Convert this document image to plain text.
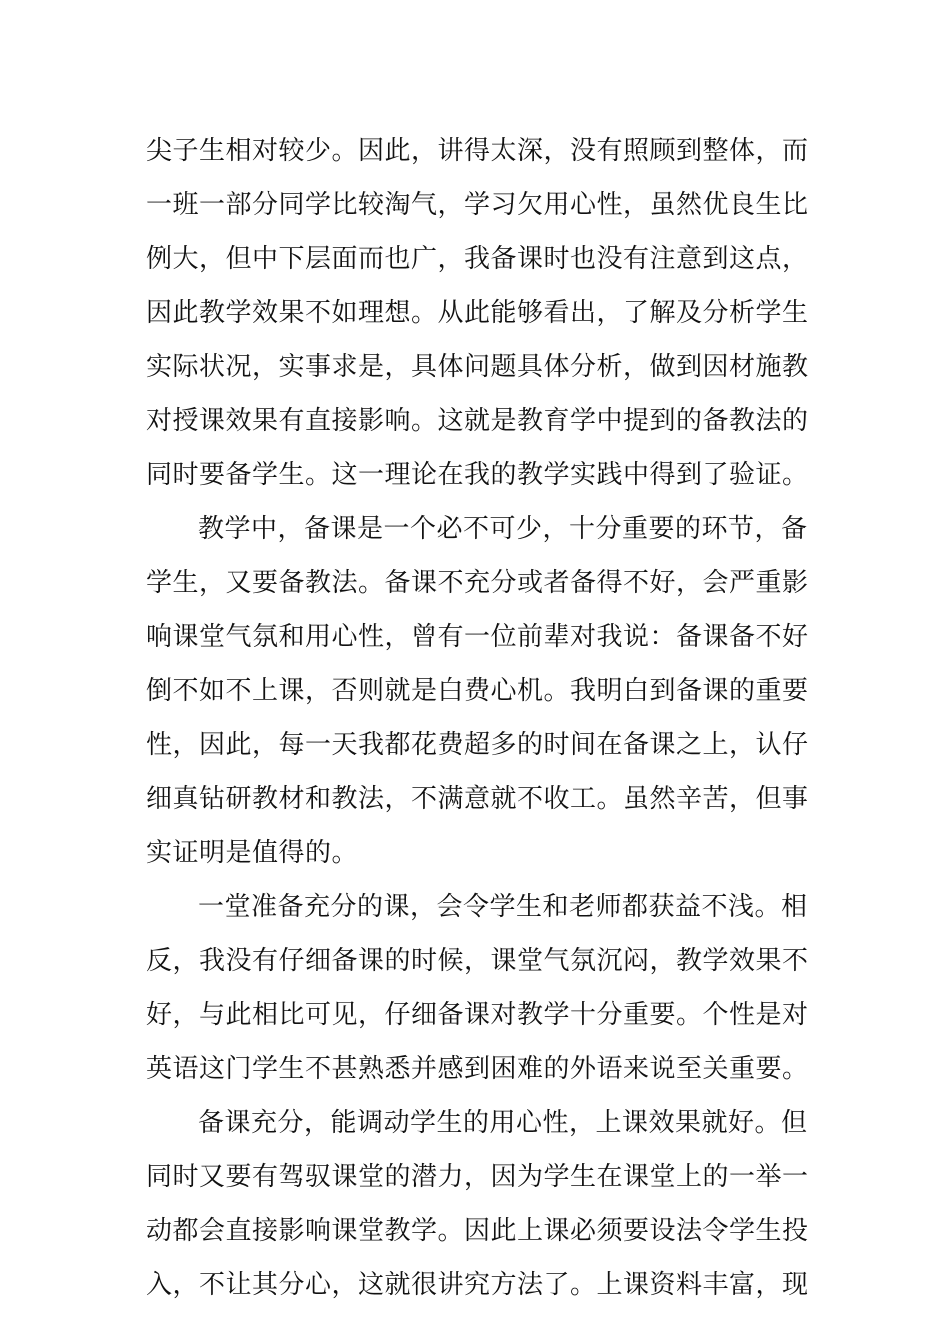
尖子生相对较少。因此，讲得太深，没有照顾到整体，而
一班一部分同学比较淘气，学习欠用心性，虽然优良生比
例大，但中下层面而也广，我备课时也没有注意到这点，
因此教学效果不如理想。从此能够看出，了解及分析学生
实际状况，实事求是，具体问题具体分析，做到因材施教
对授课效果有直接影响。这就是教育学中提到的备教法的
同时要备学生。这一理论在我的教学实践中得到了验证。
教学中，备课是一个必不可少，十分重要的环节，备
学生，又要备教法。备课不充分或者备得不好，会严重影
响课堂气氛和用心性，曾有一位前辈对我说：备课备不好
倒不如不上课，否则就是白费心机。我明白到备课的重要
性，因此，每一天我都花费超多的时间在备课之上，认仔
细真钻研教材和教法，不满意就不收工。虽然辛苦，但事
实证明是值得的。
一堂准备充分的课，会令学生和老师都获益不浅。相
反，我没有仔细备课的时候，课堂气氛沉闷，教学效果不
好，与此相比可见，仔细备课对教学十分重要。个性是对
英语这门学生不甚熟悉并感到困难的外语来说至关重要。
备课充分，能调动学生的用心性，上课效果就好。但
同时又要有驾驭课堂的潜力，因为学生在课堂上的一举一
动都会直接影响课堂教学。因此上课必须要设法令学生投
入，不让其分心，这就很讲究方法了。上课资料丰富，现
